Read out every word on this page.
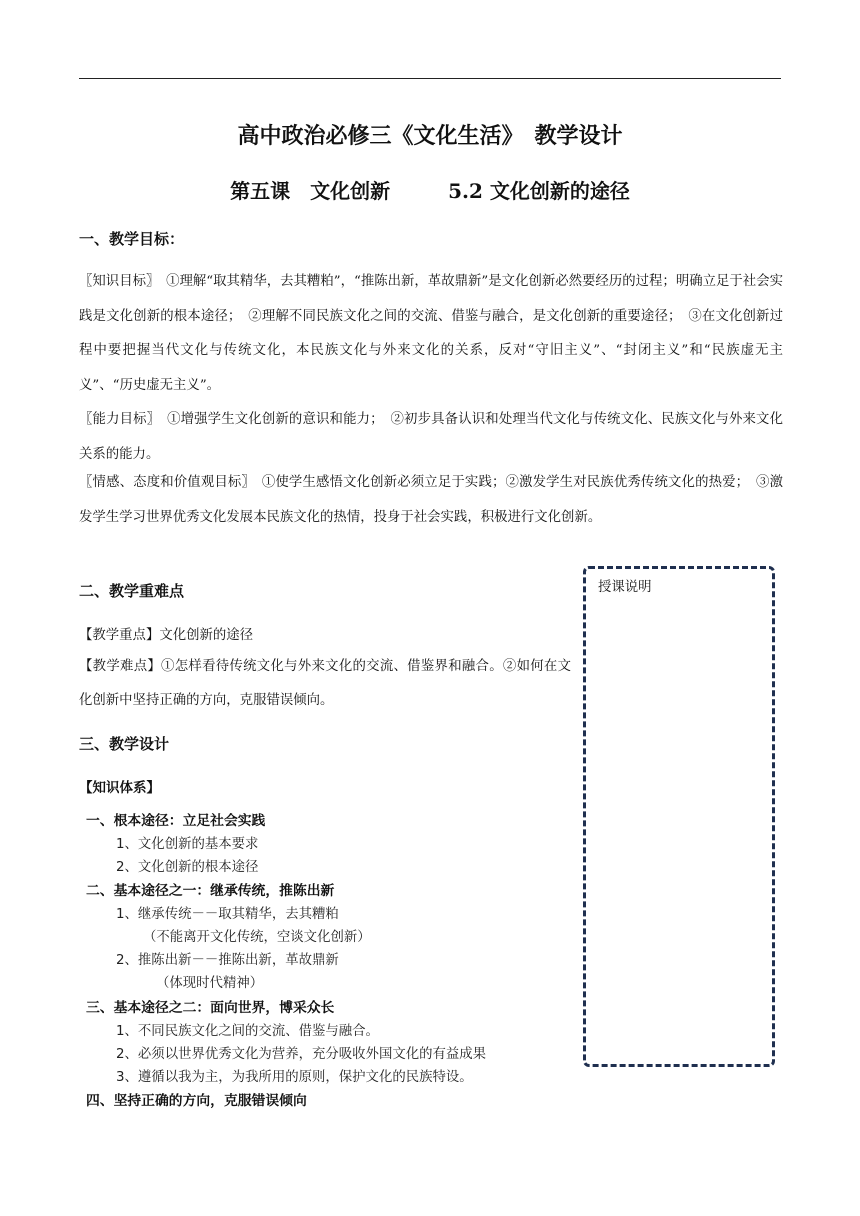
高中政治必修三《文化生活》　教学设计
第五课　文化创新	5.2 文化创新的途径
一、教学目标：
〖知识目标〗　①理解“取其精华，去其糟粕”，“推陈出新，革故鼎新”是文化创新必然要经历的过程；明确立足于社会实践是文化创新的根本途径；　②理解不同民族文化之间的交流、借鉴与融合，是文化创新的重要途径；　③在文化创新过程中要把握当代文化与传统文化，本民族文化与外来文化的关系，反对“守旧主义”、“封闭主义”和“民族虚无主义”、“历史虚无主义”。
〖能力目标〗　①增强学生文化创新的意识和能力；　②初步具备认识和处理当代文化与传统文化、民族文化与外来文化关系的能力。
〖情感、态度和价值观目标〗　①使学生感悟文化创新必须立足于实践；②激发学生对民族优秀传统文化的热爱；　③激发学生学习世界优秀文化发展本民族文化的热情，投身于社会实践，积极进行文化创新。
二、教学重难点
【教学重点】文化创新的途径
【教学难点】①怎样看待传统文化与外来文化的交流、借鉴界和融合。②如何在文化创新中坚持正确的方向，克服错误倾向。
三、教学设计
【知识体系】
一、根本途径：立足社会实践
1、文化创新的基本要求
2、文化创新的根本途径
二、基本途径之一：继承传统，推陈出新
1、继承传统－－取其精华，去其糟粕
（不能离开文化传统，空谈文化创新）
2、推陈出新－－推陈出新，革故鼎新
（体现时代精神）
三、基本途径之二：面向世界，博采众长
1、不同民族文化之间的交流、借鉴与融合。
2、必须以世界优秀文化为营养，充分吸收外国文化的有益成果
3、遵循以我为主，为我所用的原则，保护文化的民族特设。
四、坚持正确的方向，克服错误倾向
授课说明
